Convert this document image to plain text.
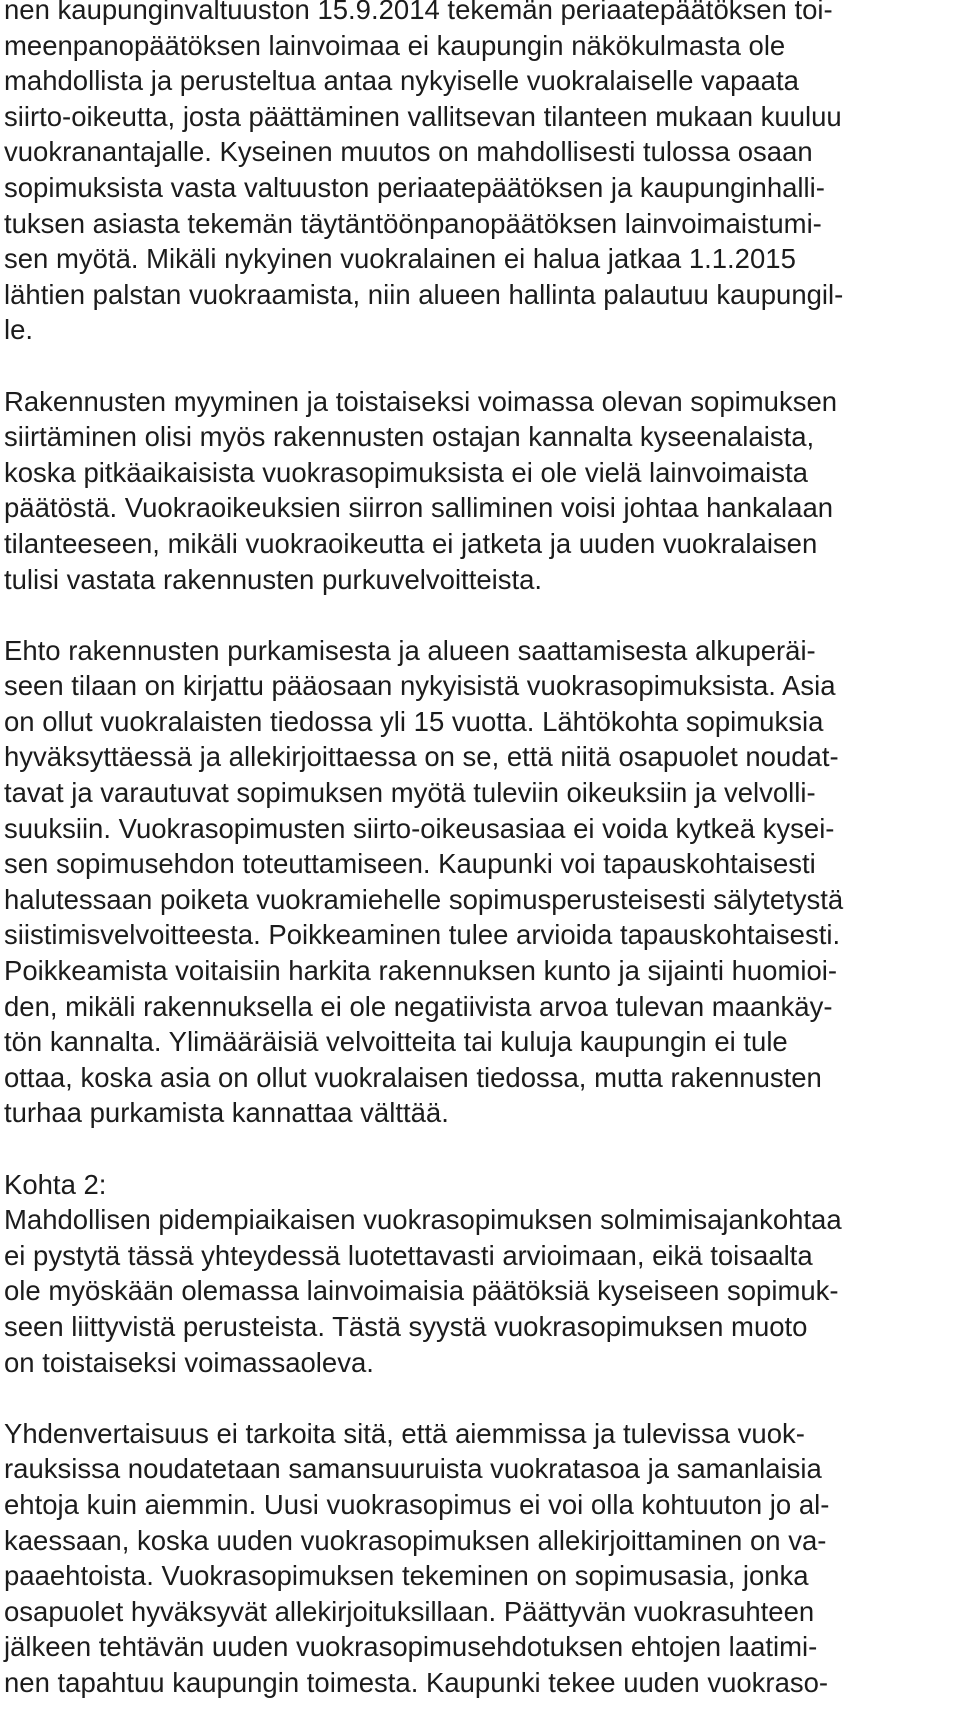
nen kaupunginvaltuuston 15.9.2014 tekemän periaatepäätöksen toi-
meenpanopäätöksen lainvoimaa ei kaupungin näkökulmasta ole
mahdollista ja perusteltua antaa nykyiselle vuokralaiselle vapaata
siirto-oikeutta, josta päättäminen vallitsevan tilanteen mukaan kuuluu
vuokranantajalle. Kyseinen muutos on mahdollisesti tulossa osaan
sopimuksista vasta valtuuston periaatepäätöksen ja kaupunginhalli-
tuksen asiasta tekemän täytäntöönpanopäätöksen lainvoimaistumi-
sen myötä. Mikäli nykyinen vuokralainen ei halua jatkaa 1.1.2015
lähtien palstan vuokraamista, niin alueen hallinta palautuu kaupungil-
le.

Rakennusten myyminen ja toistaiseksi voimassa olevan sopimuksen
siirtäminen olisi myös rakennusten ostajan kannalta kyseenalaista,
koska pitkäaikaisista vuokrasopimuksista ei ole vielä lainvoimaista
päätöstä. Vuokraoikeuksien siirron salliminen voisi johtaa hankalaan
tilanteeseen, mikäli vuokraoikeutta ei jatketa ja uuden vuokralaisen
tulisi vastata rakennusten purkuvelvoitteista.

Ehto rakennusten purkamisesta ja alueen saattamisesta alkuperäi-
seen tilaan on kirjattu pääosaan nykyisistä vuokrasopimuksista. Asia
on ollut vuokralaisten tiedossa yli 15 vuotta. Lähtökohta sopimuksia
hyväksyttäessä ja allekirjoittaessa on se, että niitä osapuolet noudat-
tavat ja varautuvat sopimuksen myötä tuleviin oikeuksiin ja velvolli-
suuksiin. Vuokrasopimusten siirto-oikeusasiaa ei voida kytkeä kysei-
sen sopimusehdon toteuttamiseen. Kaupunki voi tapauskohtaisesti
halutessaan poiketa vuokramiehelle sopimusperusteisesti sälytetystä
siistimisvelvoitteesta. Poikkeaminen tulee arvioida tapauskohtaisesti.
Poikkeamista voitaisiin harkita rakennuksen kunto ja sijainti huomioi-
den, mikäli rakennuksella ei ole negatiivista arvoa tulevan maankäy-
tön kannalta. Ylimääräisiä velvoitteita tai kuluja kaupungin ei tule
ottaa, koska asia on ollut vuokralaisen tiedossa, mutta rakennusten
turhaa purkamista kannattaa välttää.

Kohta 2:
Mahdollisen pidempiaikaisen vuokrasopimuksen solmimisajankohtaa
ei pystytä tässä yhteydessä luotettavasti arvioimaan, eikä toisaalta
ole myöskään olemassa lainvoimaisia päätöksiä kyseiseen sopimuk-
seen liittyvistä perusteista. Tästä syystä vuokrasopimuksen muoto
on toistaiseksi voimassaoleva.

Yhdenvertaisuus ei tarkoita sitä, että aiemmissa ja tulevissa vuok-
rauksissa noudatetaan samansuuruista vuokratasoa ja samanlaisia
ehtoja kuin aiemmin. Uusi vuokrasopimus ei voi olla kohtuuton jo al-
kaessaan, koska uuden vuokrasopimuksen allekirjoittaminen on va-
paaehtoista. Vuokrasopimuksen tekeminen on sopimusasia, jonka
osapuolet hyväksyvät allekirjoituksillaan. Päättyvän vuokrasuhteen
jälkeen tehtävän uuden vuokrasopimusehdotuksen ehtojen laatimi-
nen tapahtuu kaupungin toimesta. Kaupunki tekee uuden vuokraso-
